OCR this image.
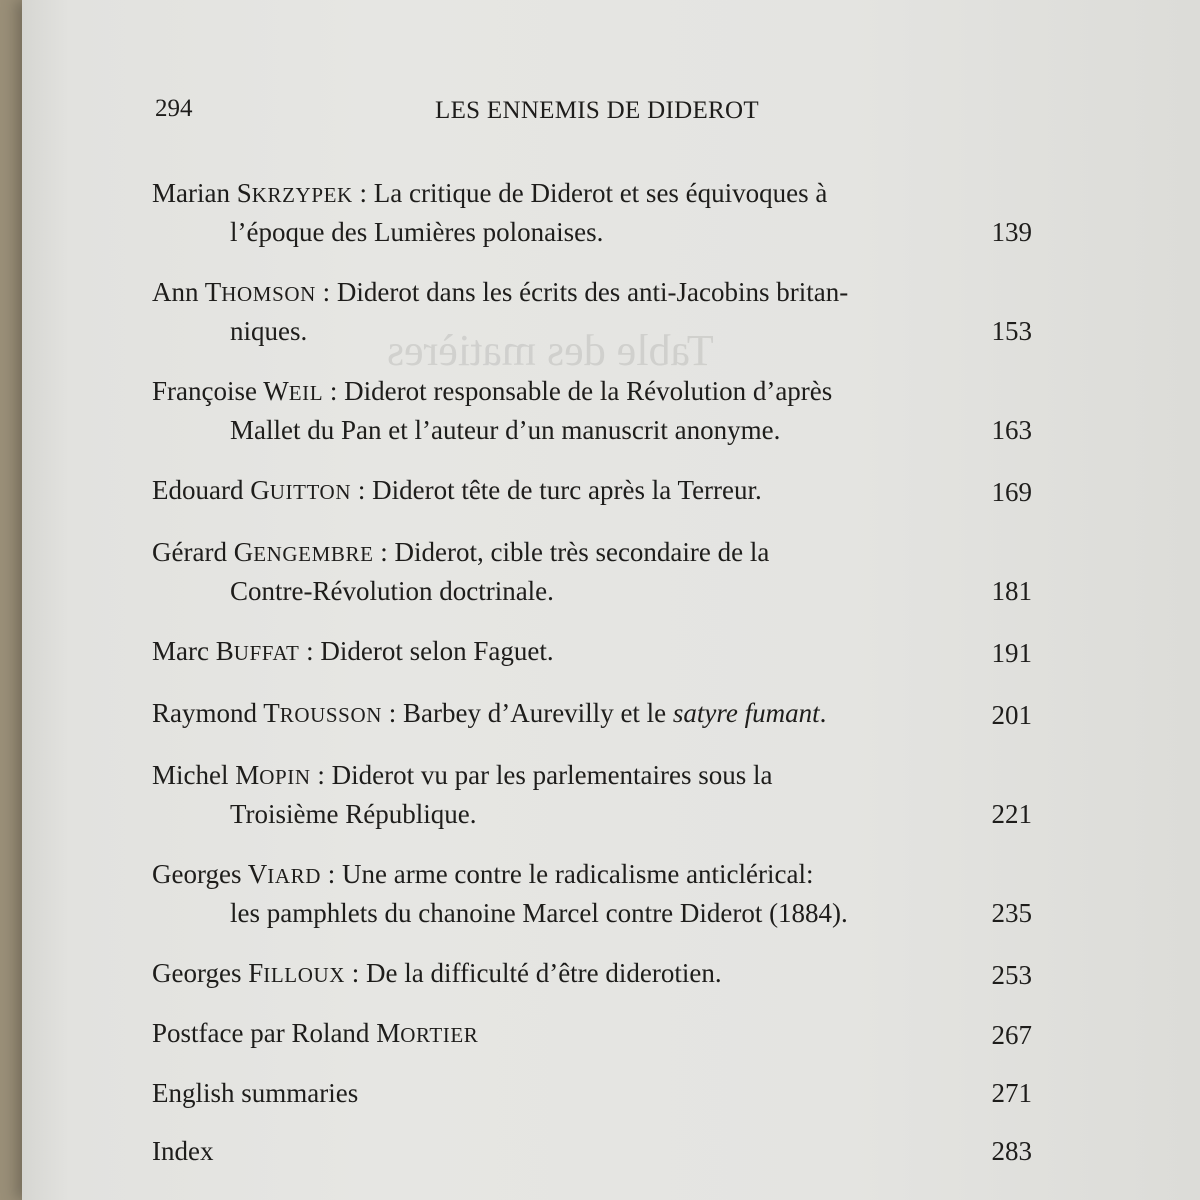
Table des matières
294	LES ENNEMIS DE DIDEROT
Marian SKRZYPEK : La critique de Diderot et ses équivoques à
l’époque des Lumières polonaises.	139
Ann THOMSON : Diderot dans les écrits des anti-Jacobins britan-
niques.	153
Françoise WEIL : Diderot responsable de la Révolution d’après
Mallet du Pan et l’auteur d’un manuscrit anonyme.	163
Edouard GUITTON : Diderot tête de turc après la Terreur.	169
Gérard GENGEMBRE : Diderot, cible très secondaire de la
Contre-Révolution doctrinale.	181
Marc BUFFAT : Diderot selon Faguet.	191
Raymond TROUSSON : Barbey d’Aurevilly et le satyre fumant.	201
Michel MOPIN : Diderot vu par les parlementaires sous la
Troisième République.	221
Georges VIARD : Une arme contre le radicalisme anticlérical:
les pamphlets du chanoine Marcel contre Diderot (1884).	235
Georges FILLOUX : De la difficulté d’être diderotien.	253
Postface par Roland MORTIER	267
English summaries	271
Index	283
